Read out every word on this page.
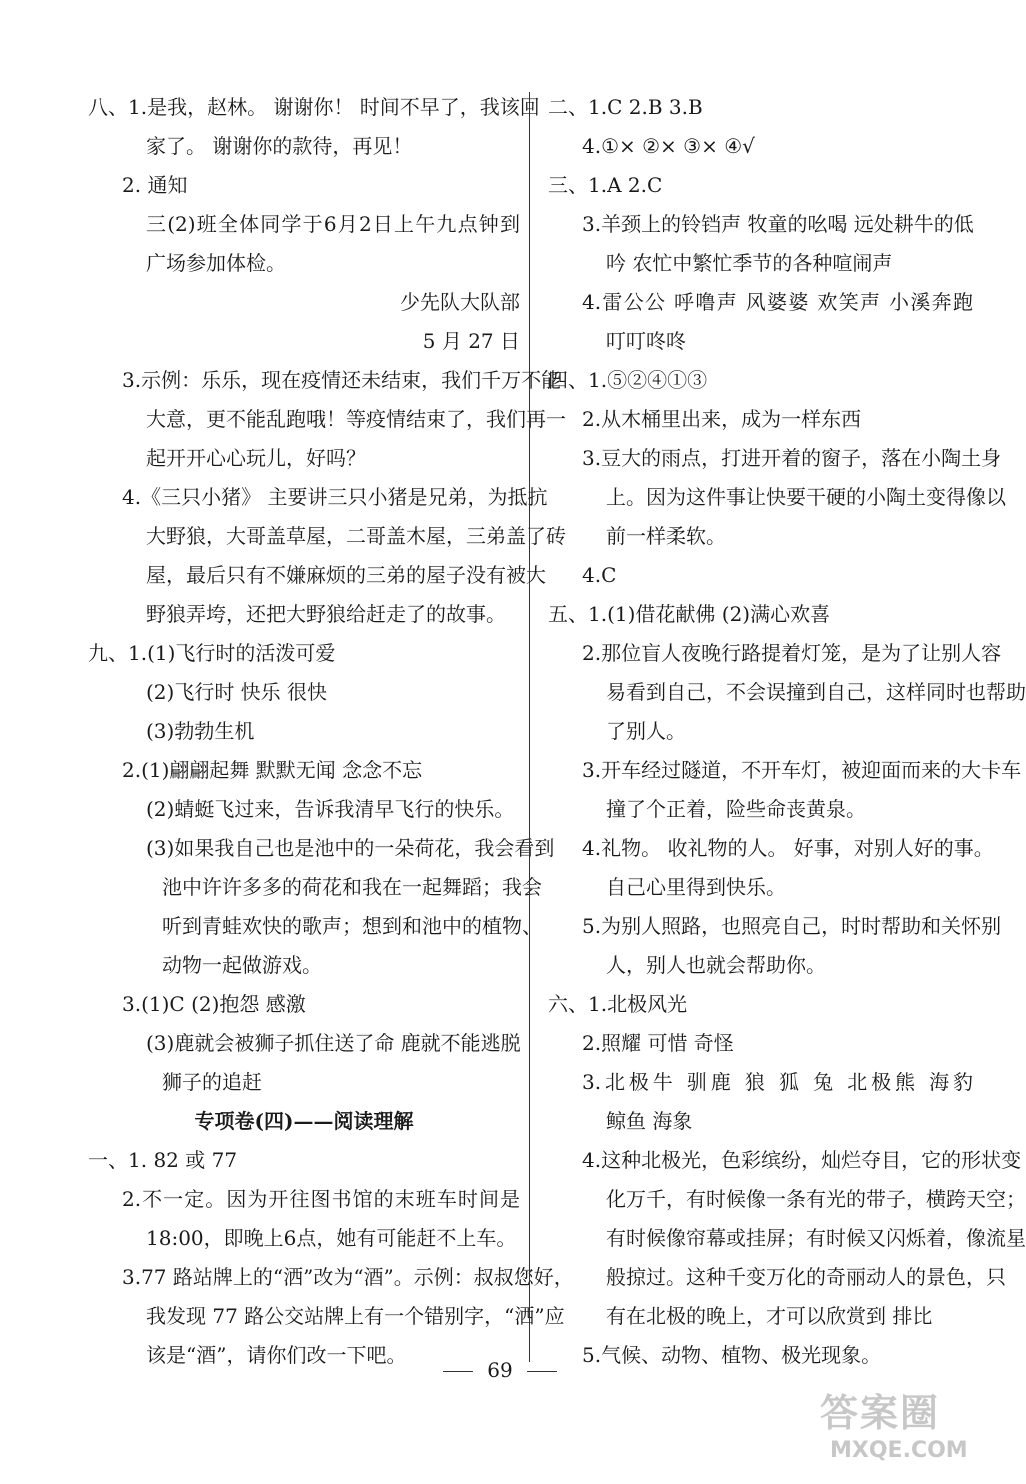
八、1.是我，赵林。 谢谢你！ 时间不早了，我该回
家了。 谢谢你的款待，再见！
2. 通知
三(2)班全体同学于6月2日上午九点钟到
广场参加体检。
少先队大队部
5 月 27 日
3.示例：乐乐，现在疫情还未结束，我们千万不能
大意，更不能乱跑哦！等疫情结束了，我们再一
起开开心心玩儿，好吗？
4.《三只小猪》 主要讲三只小猪是兄弟，为抵抗
大野狼，大哥盖草屋，二哥盖木屋，三弟盖了砖
屋，最后只有不嫌麻烦的三弟的屋子没有被大
野狼弄垮，还把大野狼给赶走了的故事。
九、1.(1)飞行时的活泼可爱
(2)飞行时 快乐 很快
(3)勃勃生机
2.(1)翩翩起舞 默默无闻 念念不忘
(2)蜻蜓飞过来，告诉我清早飞行的快乐。
(3)如果我自己也是池中的一朵荷花，我会看到
池中许许多多的荷花和我在一起舞蹈；我会
听到青蛙欢快的歌声；想到和池中的植物、
动物一起做游戏。
3.(1)C (2)抱怨 感激
(3)鹿就会被狮子抓住送了命 鹿就不能逃脱
狮子的追赶
专项卷(四)——阅读理解
一、1. 82 或 77
2.不一定。因为开往图书馆的末班车时间是
18:00，即晚上6点，她有可能赶不上车。
3.77 路站牌上的“洒”改为“酒”。示例：叔叔您好，
我发现 77 路公交站牌上有一个错别字，“洒”应
该是“酒”，请你们改一下吧。
二、1.C 2.B 3.B
4.①× ②× ③× ④√
三、1.A 2.C
3.羊颈上的铃铛声 牧童的吆喝 远处耕牛的低
吟 农忙中繁忙季节的各种喧闹声
4.雷公公 呼噜声 风婆婆 欢笑声 小溪奔跑
叮叮咚咚
四、1.⑤②④①③
2.从木桶里出来，成为一样东西
3.豆大的雨点，打进开着的窗子，落在小陶土身
上。因为这件事让快要干硬的小陶土变得像以
前一样柔软。
4.C
五、1.(1)借花献佛 (2)满心欢喜
2.那位盲人夜晚行路提着灯笼，是为了让别人容
易看到自己，不会误撞到自己，这样同时也帮助
了别人。
3.开车经过隧道，不开车灯，被迎面而来的大卡车
撞了个正着，险些命丧黄泉。
4.礼物。 收礼物的人。 好事，对别人好的事。
自己心里得到快乐。
5.为别人照路，也照亮自己，时时帮助和关怀别
人，别人也就会帮助你。
六、1.北极风光
2.照耀 可惜 奇怪
3.北极牛 驯鹿 狼 狐 兔 北极熊 海豹
鲸鱼 海象
4.这种北极光，色彩缤纷，灿烂夺目，它的形状变
化万千，有时候像一条有光的带子，横跨天空；
有时候像帘幕或挂屏；有时候又闪烁着，像流星
般掠过。这种千变万化的奇丽动人的景色，只
有在北极的晚上，才可以欣赏到 排比
5.气候、动物、植物、极光现象。
69
答案圈
MXQE.COM
